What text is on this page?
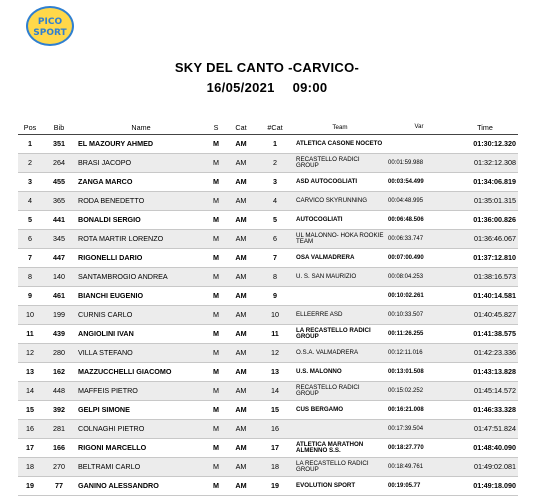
PICO
SPORT
SKY DEL CANTO -CARVICO-
16/05/2021 09:00
Pos	Bib	Name	S	Cat	#Cat	Team	Var	Time
1	351	EL MAZOURY AHMED	M	AM	1	ATLETICA CASONE NOCETO		01:30:12.320
2	264	BRASI JACOPO	M	AM	2	RECASTELLO RADICI GROUP	00:01:59.988	01:32:12.308
3	455	ZANGA MARCO	M	AM	3	ASD AUTOCOGLIATI	00:03:54.499	01:34:06.819
4	365	RODA BENEDETTO	M	AM	4	CARVICO SKYRUNNING	00:04:48.995	01:35:01.315
5	441	BONALDI SERGIO	M	AM	5	AUTOCOGLIATI	00:06:48.506	01:36:00.826
6	345	ROTA MARTIR LORENZO	M	AM	6	UL MALONNO- HOKA ROOKIE TEAM	00:06:33.747	01:36:46.067
7	447	RIGONELLI DARIO	M	AM	7	OSA VALMADRERA	00:07:00.490	01:37:12.810
8	140	SANTAMBROGIO ANDREA	M	AM	8	U. S. SAN MAURIZIO	00:08:04.253	01:38:16.573
9	461	BIANCHI EUGENIO	M	AM	9		00:10:02.261	01:40:14.581
10	199	CURNIS CARLO	M	AM	10	ELLEERRE ASD	00:10:33.507	01:40:45.827
11	439	ANGIOLINI IVAN	M	AM	11	LA RECASTELLO RADICI GROUP	00:11:26.255	01:41:38.575
12	280	VILLA STEFANO	M	AM	12	O.S.A. VALMADRERA	00:12:11.016	01:42:23.336
13	162	MAZZUCCHELLI GIACOMO	M	AM	13	U.S. MALONNO	00:13:01.508	01:43:13.828
14	448	MAFFEIS PIETRO	M	AM	14	RECASTELLO RADICI GROUP	00:15:02.252	01:45:14.572
15	392	GELPI SIMONE	M	AM	15	CUS BERGAMO	00:16:21.008	01:46:33.328
16	281	COLNAGHI PIETRO	M	AM	16		00:17:39.504	01:47:51.824
17	166	RIGONI MARCELLO	M	AM	17	ATLETICA MARATHON ALMENNO S.S.	00:18:27.770	01:48:40.090
18	270	BELTRAMI CARLO	M	AM	18	LA RECASTELLO RADICI GROUP	00:18:49.761	01:49:02.081
19	77	GANINO ALESSANDRO	M	AM	19	EVOLUTION SPORT	00:19:05.77	01:49:18.090
